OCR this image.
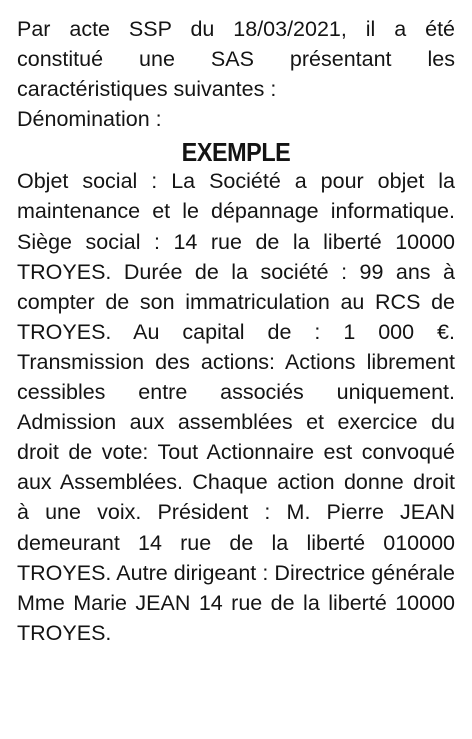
Par acte SSP du 18/03/2021, il a été constitué une SAS présentant les caractéristiques suivantes :

Dénomination :

EXEMPLE

Objet social : La Société a pour objet la maintenance et le dépannage informatique. Siège social : 14 rue de la liberté 10000 TROYES. Durée de la société : 99 ans à compter de son immatriculation au RCS de TROYES. Au capital de : 1 000 €. Transmission des actions: Actions librement cessibles entre associés uniquement. Admission aux assemblées et exercice du droit de vote: Tout Actionnaire est convoqué aux Assemblées. Chaque action donne droit à une voix. Président : M. Pierre JEAN demeurant 14 rue de la liberté 010000 TROYES. Autre dirigeant : Directrice générale Mme Marie JEAN 14 rue de la liberté 10000 TROYES.
